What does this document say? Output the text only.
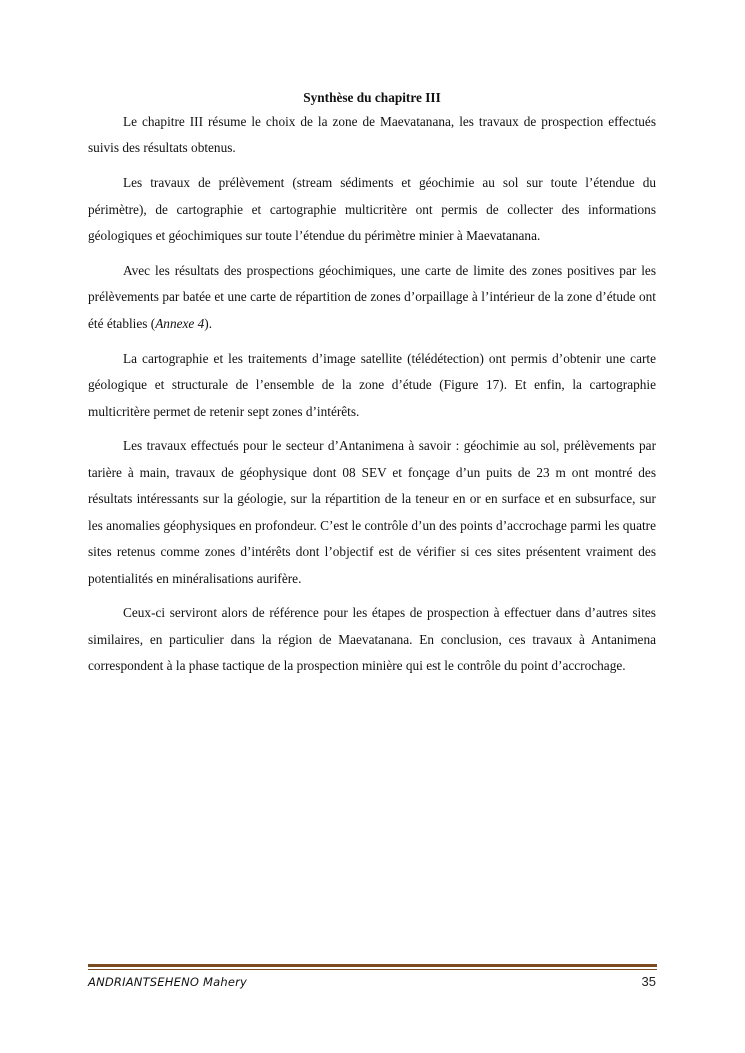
Synthèse du chapitre III

Le chapitre III résume le choix de la zone de Maevatanana, les travaux de prospection effectués suivis des résultats obtenus.

Les travaux de prélèvement (stream sédiments et géochimie au sol sur toute l’étendue du périmètre), de cartographie et cartographie multicritère ont permis de collecter des informations géologiques et géochimiques sur toute l’étendue du périmètre minier à Maevatanana.

Avec les résultats des prospections géochimiques, une carte de limite des zones positives par les prélèvements par batée et une carte de répartition de zones d’orpaillage à l’intérieur de la zone d’étude ont été établies (Annexe 4).

La cartographie et les traitements d’image satellite (télédétection) ont permis d’obtenir une carte géologique et structurale de l’ensemble de la zone d’étude (Figure 17). Et enfin, la cartographie multicritère permet de retenir sept zones d’intérêts.

Les travaux effectués pour le secteur d’Antanimena à savoir : géochimie au sol, prélèvements par tarière à main, travaux de géophysique dont 08 SEV et fonçage d’un puits de 23 m ont montré des résultats intéressants sur la géologie, sur la répartition de la teneur en or en surface et en subsurface, sur les anomalies géophysiques en profondeur. C’est le contrôle d’un des points d’accrochage parmi les quatre sites retenus comme zones d’intérêts dont l’objectif est de vérifier si ces sites présentent vraiment des potentialités en minéralisations aurifère.

Ceux-ci serviront alors de référence pour les étapes de prospection à effectuer dans d’autres sites similaires, en particulier dans la région de Maevatanana. En conclusion, ces travaux à Antanimena correspondent à la phase tactique de la prospection minière qui est le contrôle du point d’accrochage.

ANDRIANTSEHENO Mahery	35
